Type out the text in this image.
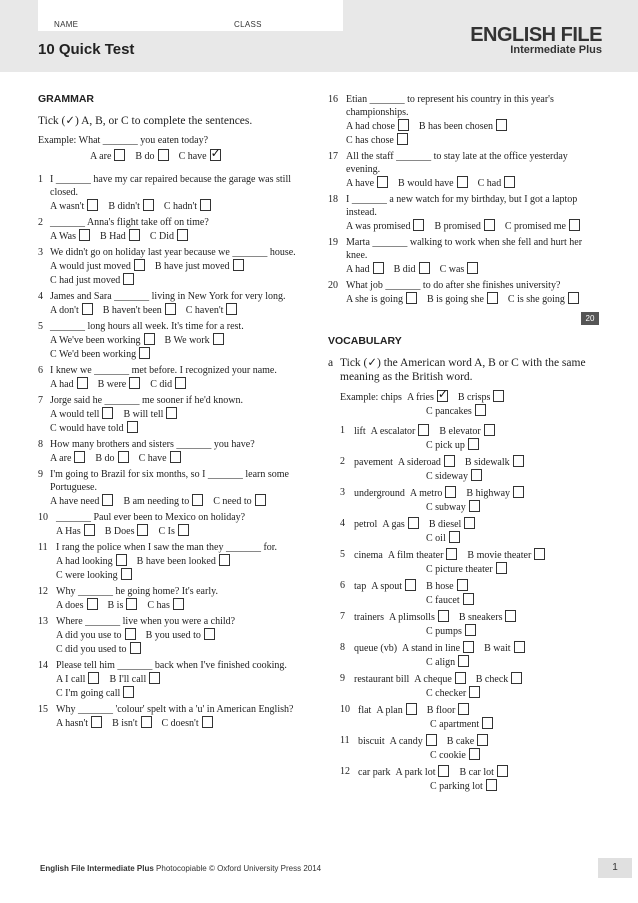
NAME	CLASS
10 Quick Test
ENGLISH FILE
Intermediate Plus
GRAMMAR
Tick (✓) A, B, or C to complete the sentences.
Example: What _______ you eaten today?
A are B do C have✓
1 I _______ have my car repaired because the garage was still closed.
A wasn't B didn't C hadn't
2 _______ Anna's flight take off on time?
A Was B Had C Did
3 We didn't go on holiday last year because we _______ house.
A would just moved B have just moved
C had just moved
4 James and Sara _______ living in New York for very long.
A don't B haven't been C haven't
5 _______ long hours all week. It's time for a rest.
A We've been working B We work
C We'd been working
6 I knew we _______ met before. I recognized your name.
A had B were C did
7 Jorge said he _______ me sooner if he'd known.
A would tell B will tell
C would have told
8 How many brothers and sisters _______ you have?
A are B do C have
9 I'm going to Brazil for six months, so I _______ learn some Portuguese.
A have need B am needing to C need to
10 _______ Paul ever been to Mexico on holiday?
A Has B Does C Is
11 I rang the police when I saw the man they _______ for.
A had looking B have been looked
C were looking
12 Why _______ he going home? It's early.
A does B is C has
13 Where _______ live when you were a child?
A did you use to B you used to
C did you used to
14 Please tell him _______ back when I've finished cooking.
A I call B I'll call
C I'm going call
15 Why _______ 'colour' spelt with a 'u' in American English?
A hasn't B isn't C doesn't
16 Etian _______ to represent his country in this year's championships.
A had chose B has been chosen
C has chose
17 All the staff _______ to stay late at the office yesterday evening.
A have B would have C had
18 I _______ a new watch for my birthday, but I got a laptop instead.
A was promised B promised C promised me
19 Marta _______ walking to work when she fell and hurt her knee.
A had B did C was
20 What job _______ to do after she finishes university?
A she is going B is going she C is she going
20
VOCABULARY
a Tick (✓) the American word A, B or C with the same meaning as the British word.
Example: chips A fries✓ B crisps
C pancakes
1 lift A escalator B elevator
C pick up
2 pavement A sideroad B sidewalk
C sideway
3 underground A metro B highway
C subway
4 petrol A gas B diesel
C oil
5 cinema A film theater B movie theater
C picture theater
6 tap A spout B hose
C faucet
7 trainers A plimsolls B sneakers
C pumps
8 queue (vb) A stand in line B wait
C align
9 restaurant bill A cheque B check
C checker
10 flat A plan B floor
C apartment
11 biscuit A candy B cake
C cookie
12 car park A park lot B car lot
C parking lot
English File Intermediate Plus Photocopiable © Oxford University Press 2014	1
